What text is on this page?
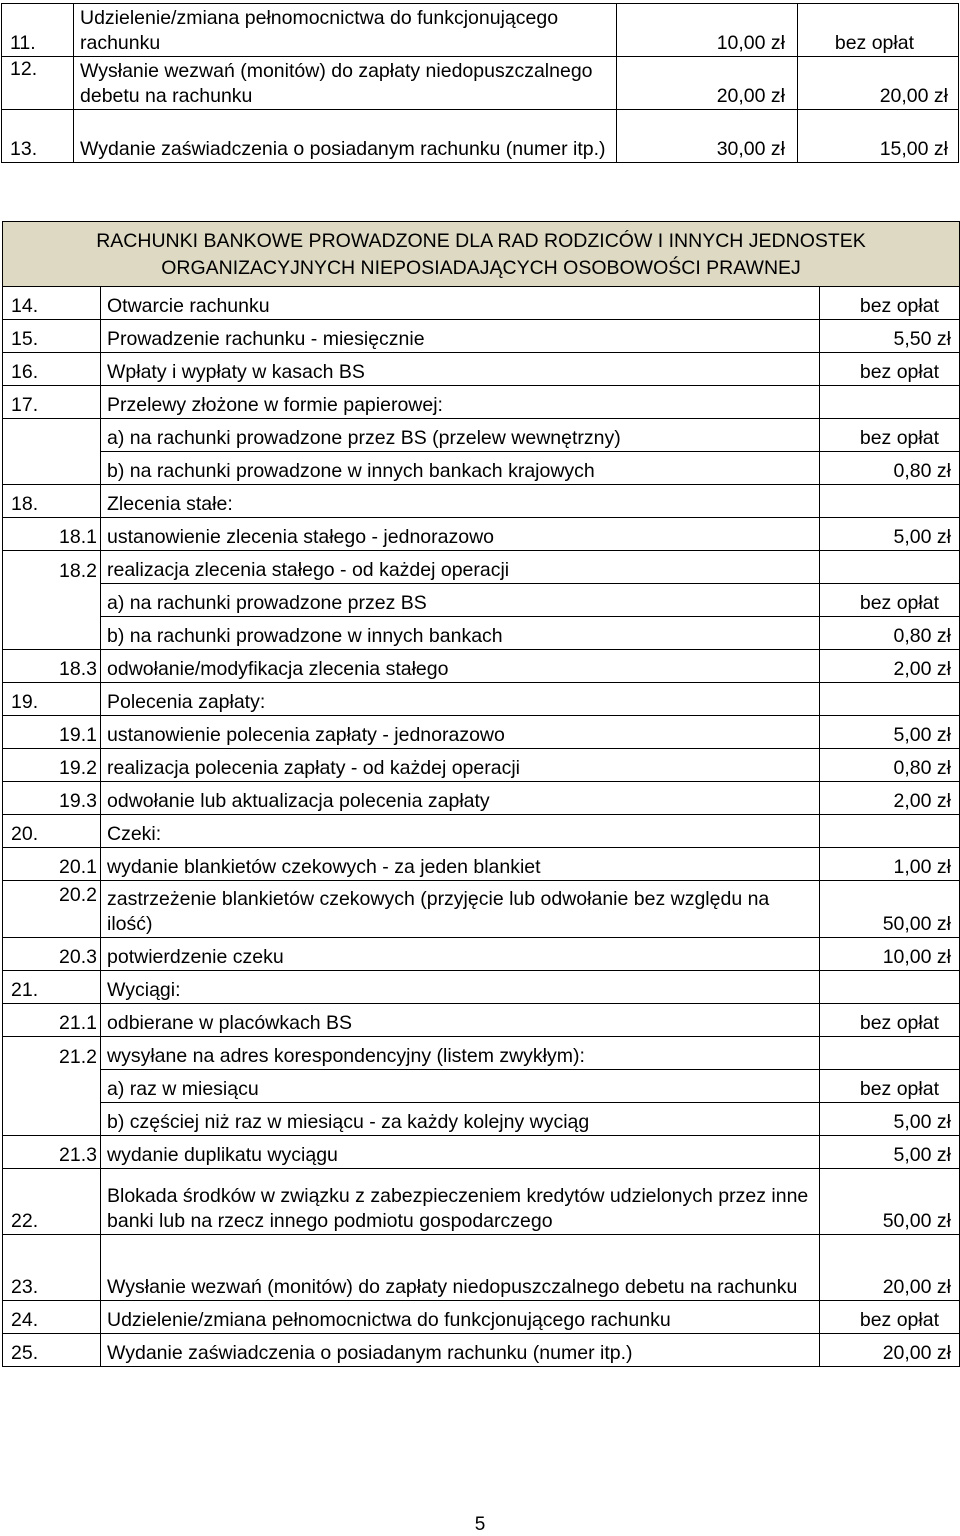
11.	Udzielenie/zmiana pełnomocnictwa do funkcjonującego rachunku	10,00 zł	bez opłat
12.	Wysłanie wezwań (monitów) do zapłaty niedopuszczalnego debetu na rachunku	20,00 zł	20,00 zł
13.	Wydanie zaświadczenia o posiadanym rachunku (numer itp.)	30,00 zł	15,00 zł
RACHUNKI BANKOWE PROWADZONE DLA RAD RODZICÓW I INNYCH JEDNOSTEK ORGANIZACYJNYCH NIEPOSIADAJĄCYCH OSOBOWOŚCI PRAWNEJ		
14.	Otwarcie rachunku	bez opłat
15.	Prowadzenie rachunku - miesięcznie	5,50 zł
16.	Wpłaty i wypłaty w kasach BS	bez opłat
17.	Przelewy złożone w formie papierowej:	
	a) na rachunki prowadzone przez BS (przelew wewnętrzny)	bez opłat
	b) na rachunki prowadzone w innych bankach krajowych	0,80 zł
18.	Zlecenia stałe:	
18.1	ustanowienie zlecenia stałego - jednorazowo	5,00 zł
18.2	realizacja zlecenia stałego - od każdej operacji	
	a) na rachunki prowadzone przez BS	bez opłat
	b) na rachunki prowadzone w innych bankach	0,80 zł
18.3	odwołanie/modyfikacja zlecenia stałego	2,00 zł
19.	Polecenia zapłaty:	
19.1	ustanowienie polecenia zapłaty - jednorazowo	5,00 zł
19.2	realizacja polecenia zapłaty - od każdej operacji	0,80 zł
19.3	odwołanie lub aktualizacja polecenia zapłaty	2,00 zł
20.	Czeki:	
20.1	wydanie blankietów czekowych - za jeden blankiet	1,00 zł
20.2	zastrzeżenie blankietów czekowych (przyjęcie lub odwołanie bez względu na ilość)	50,00 zł
20.3	potwierdzenie czeku	10,00 zł
21.	Wyciągi:	
21.1	odbierane w placówkach BS	bez opłat
21.2	wysyłane na adres korespondencyjny (listem zwykłym):	
	a) raz w miesiącu	bez opłat
	b) częściej niż raz w miesiącu - za każdy kolejny wyciąg	5,00 zł
21.3	wydanie duplikatu wyciągu	5,00 zł
22.	Blokada środków w związku z zabezpieczeniem kredytów udzielonych przez inne banki lub na rzecz innego podmiotu gospodarczego	50,00 zł
23.	Wysłanie wezwań (monitów) do zapłaty niedopuszczalnego debetu na rachunku	20,00 zł
24.	Udzielenie/zmiana pełnomocnictwa do funkcjonującego rachunku	bez opłat
25.	Wydanie zaświadczenia o posiadanym rachunku (numer itp.)	20,00 zł
5
